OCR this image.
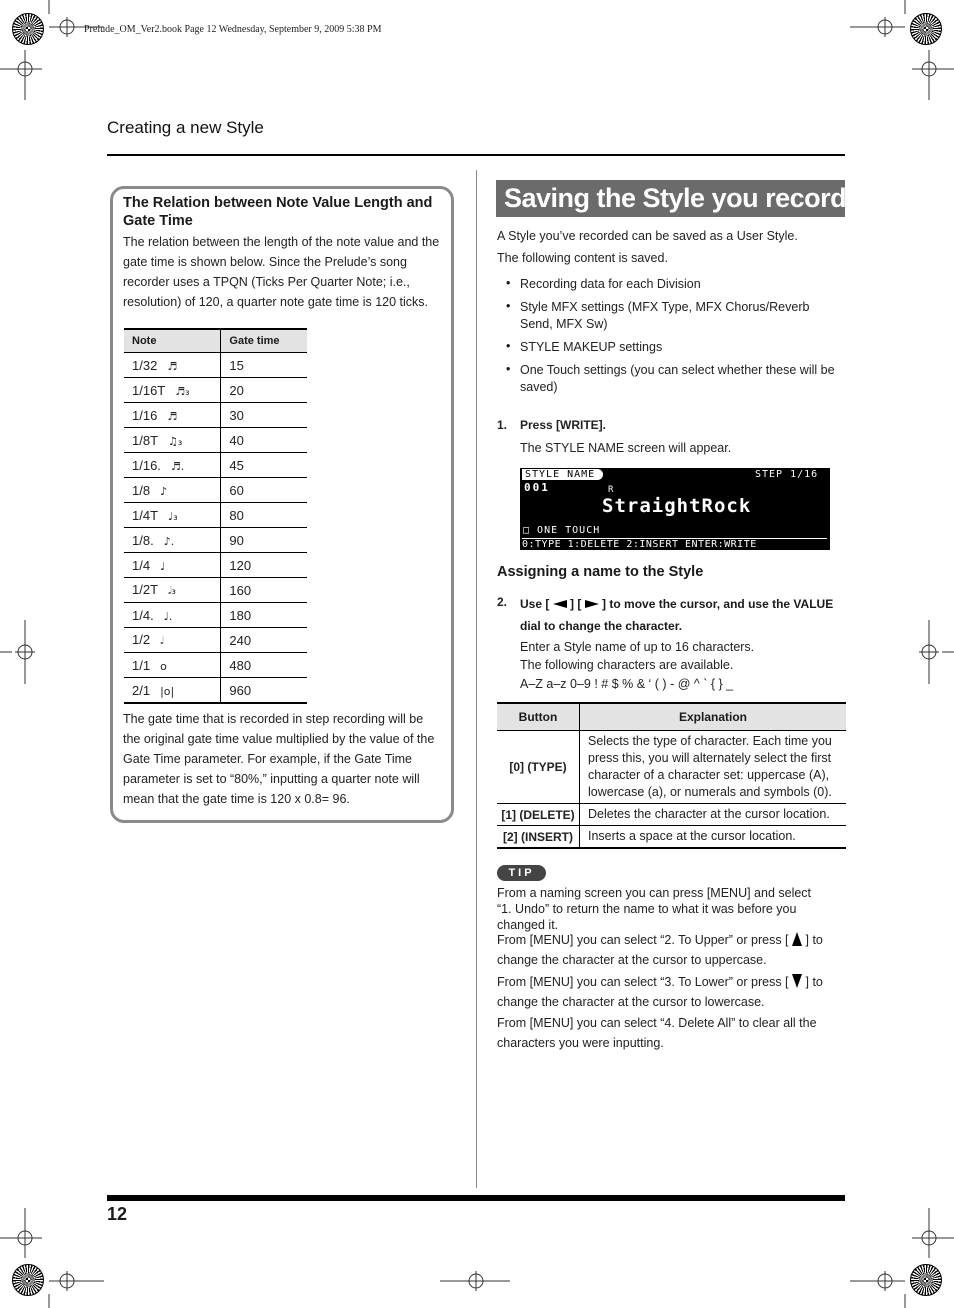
Prelude_OM_Ver2.book Page 12 Wednesday, September 9, 2009 5:38 PM
Creating a new Style
The Relation between Note Value Length and Gate Time
The relation between the length of the note value and the gate time is shown below. Since the Prelude’s song recorder uses a TPQN (Ticks Per Quarter Note; i.e., resolution) of 120, a quarter note gate time is 120 ticks.
Note	Gate time
1/32 ♬	15
1/16T ♬₃	20
1/16 ♬	30
1/8T ♫₃	40
1/16. ♬.	45
1/8 ♪	60
1/4T ♩₃	80
1/8. ♪.	90
1/4 ♩	120
1/2T 𝅗𝅥₃	160
1/4. ♩.	180
1/2 𝅗𝅥	240
1/1 o	480
2/1 |o|	960
The gate time that is recorded in step recording will be the original gate time value multiplied by the value of the Gate Time parameter. For example, if the Gate Time parameter is set to “80%,” inputting a quarter note will mean that the gate time is 120 x 0.8= 96.
Saving the Style you recorded
A Style you’ve recorded can be saved as a User Style.
The following content is saved.
• Recording data for each Division
• Style MFX settings (MFX Type, MFX Chorus/Reverb Send, MFX Sw)
• STYLE MAKEUP settings
• One Touch settings (you can select whether these will be saved)
1. Press [WRITE].
The STYLE NAME screen will appear.
STYLE NAME	STEP 1/16
001	R
StraightRock
□ ONE TOUCH
0:TYPE 1:DELETE 2:INSERT ENTER:WRITE
Assigning a name to the Style
2. Use [ ] [ ] to move the cursor, and use the VALUE dial to change the character.
Enter a Style name of up to 16 characters.
The following characters are available.
A–Z a–z 0–9 ! # $ % & ‘ ( ) - @ ^ ` { } _
Button	Explanation
[0] (TYPE)	Selects the type of character. Each time you press this, you will alternately select the first character of a character set: uppercase (A), lowercase (a), or numerals and symbols (0).
[1] (DELETE)	Deletes the character at the cursor location.
[2] (INSERT)	Inserts a space at the cursor location.
TIP
From a naming screen you can press [MENU] and select “1. Undo” to return the name to what it was before you changed it.
From [MENU] you can select “2. To Upper” or press [ ] to change the character at the cursor to uppercase.
From [MENU] you can select “3. To Lower” or press [ ] to change the character at the cursor to lowercase.
From [MENU] you can select “4. Delete All” to clear all the characters you were inputting.
12
